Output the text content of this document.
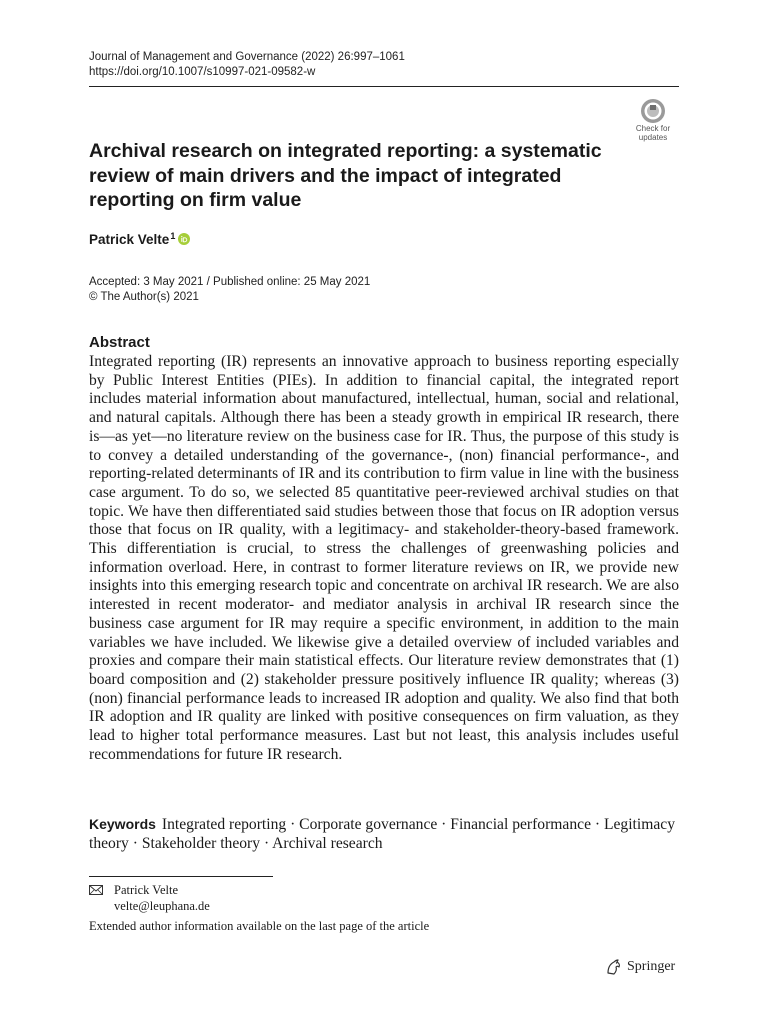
Journal of Management and Governance (2022) 26:997–1061
https://doi.org/10.1007/s10997-021-09582-w
Check for
updates
Archival research on integrated reporting: a systematic review of main drivers and the impact of integrated reporting on firm value
Patrick Velte$^1$
Accepted: 3 May 2021 / Published online: 25 May 2021
© The Author(s) 2021
Abstract
Integrated reporting (IR) represents an innovative approach to business reporting especially by Public Interest Entities (PIEs). In addition to financial capital, the integrated report includes material information about manufactured, intellectual, human, social and relational, and natural capitals. Although there has been a steady growth in empirical IR research, there is—as yet—no literature review on the business case for IR. Thus, the purpose of this study is to convey a detailed understanding of the governance-, (non) financial performance-, and reporting-related determinants of IR and its contribution to firm value in line with the business case argument. To do so, we selected 85 quantitative peer-reviewed archival studies on that topic. We have then differentiated said studies between those that focus on IR adoption versus those that focus on IR quality, with a legitimacy- and stakeholder-theory-based framework. This differentiation is crucial, to stress the challenges of greenwashing policies and information overload. Here, in contrast to former literature reviews on IR, we provide new insights into this emerging research topic and concentrate on archival IR research. We are also interested in recent moderator- and mediator analysis in archival IR research since the business case argument for IR may require a specific environment, in addition to the main variables we have included. We likewise give a detailed overview of included variables and proxies and compare their main statistical effects. Our literature review demonstrates that (1) board composition and (2) stakeholder pressure positively influence IR quality; whereas (3) (non) financial performance leads to increased IR adoption and quality. We also find that both IR adoption and IR quality are linked with positive consequences on firm valuation, as they lead to higher total performance measures. Last but not least, this analysis includes useful recommendations for future IR research.
Keywords Integrated reporting · Corporate governance · Financial performance · Legitimacy theory · Stakeholder theory · Archival research
Patrick Velte
velte@leuphana.de
Extended author information available on the last page of the article
Springer
